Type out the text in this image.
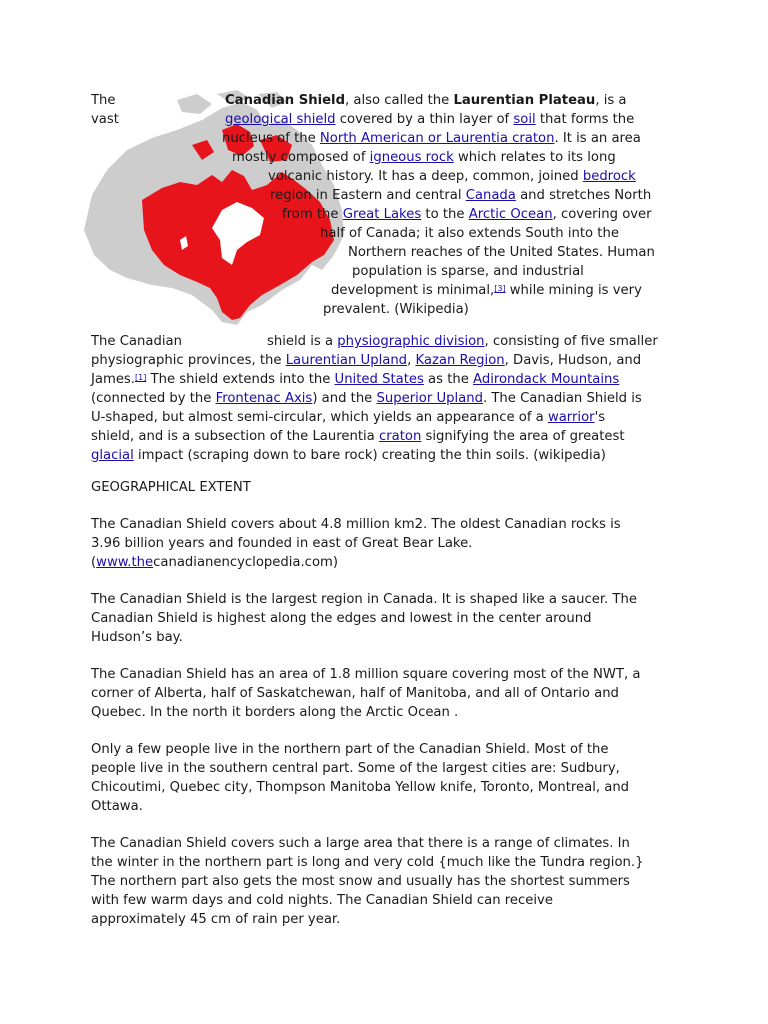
The	Canadian Shield, also called the Laurentian Plateau, is a
vast	geological shield covered by a thin layer of soil that forms the
nucleus of the North American or Laurentia craton. It is an area
mostly composed of igneous rock which relates to its long
volcanic history. It has a deep, common, joined bedrock
region in Eastern and central Canada and stretches North
from the Great Lakes to the Arctic Ocean, covering over
half of Canada; it also extends South into the
Northern reaches of the United States. Human
population is sparse, and industrial
development is minimal,[3] while mining is very
prevalent. (Wikipedia)
The Canadian	shield is a physiographic division, consisting of five smaller
physiographic provinces, the Laurentian Upland, Kazan Region, Davis, Hudson, and
James.[1] The shield extends into the United States as the Adirondack Mountains
(connected by the Frontenac Axis) and the Superior Upland. The Canadian Shield is
U-shaped, but almost semi-circular, which yields an appearance of a warrior's
shield, and is a subsection of the Laurentia craton signifying the area of greatest
glacial impact (scraping down to bare rock) creating the thin soils. (wikipedia)
GEOGRAPHICAL EXTENT
The Canadian Shield covers about 4.8 million km2. The oldest Canadian rocks is
3.96 billion years and founded in east of Great Bear Lake.
(www.thecanadianencyclopedia.com)
The Canadian Shield is the largest region in Canada. It is shaped like a saucer. The
Canadian Shield is highest along the edges and lowest in the center around
Hudson’s bay.
The Canadian Shield has an area of 1.8 million square covering most of the NWT, a
corner of Alberta, half of Saskatchewan, half of Manitoba, and all of Ontario and
Quebec. In the north it borders along the Arctic Ocean .
Only a few people live in the northern part of the Canadian Shield. Most of the
people live in the southern central part. Some of the largest cities are: Sudbury,
Chicoutimi, Quebec city, Thompson Manitoba Yellow knife, Toronto, Montreal, and
Ottawa.
The Canadian Shield covers such a large area that there is a range of climates. In
the winter in the northern part is long and very cold {much like the Tundra region.}
The northern part also gets the most snow and usually has the shortest summers
with few warm days and cold nights. The Canadian Shield can receive
approximately 45 cm of rain per year.
